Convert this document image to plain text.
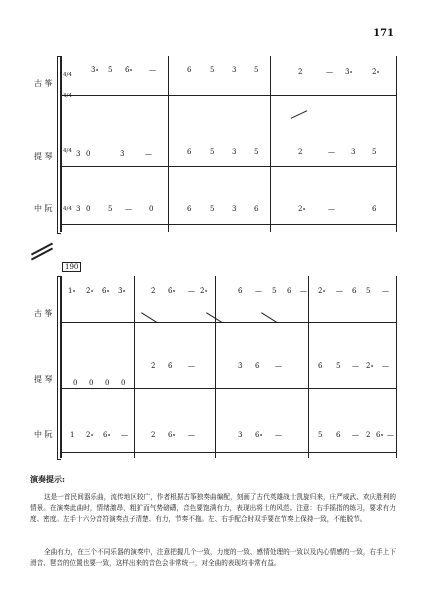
171
古 筝
提 琴
中 阮
4/4
4/4
4/4
4/4
3̇∘ 5̇ 6̇∘ —	6	5	3	5	2̇	— 3̇∘	2̇∘
3 0	3̇	—	6	5	3	5	2	— 3 5
3 0	5 — 0	6	5	3	6	2∘	—	6
190
古 筝
提 琴
中 阮
1∘ 2̇∘ 6̇∘ 3̇∘	2̇ 6̇∘ — 2̇∘	6̇ — 5 6 — 2̇∘ — 6 5 —
0 0 0 0
2̇ 6̇ —	3̇ 6̇ —	6̇ 5̇ — 2̇∘ —
1 2∘ 6∘ —	2 6∘ —	3 6∘ —	5 6 — 2 6∘ —
演奏提示:
这是一首民间器乐曲，流传地区较广，作者根据古筝独奏曲编配，刻画了古代英雄战士凯旋归来，庄严威武、欢庆胜利的情景。在演奏此曲时，情绪激昂，粗犷而气势磅礴，音色要饱满有力，表现出将士的风范。注意：右手摇指的练习，要求有力度、密度。左手十六分音符演奏点子清楚、有力，节奏不拖。左、右手配合时双手要在节奏上保持一致，不能脱节。
全曲有力，在三个不同乐器的演奏中，注意把握几个一致，力度的一致、感情处理的一致以及内心情感的一致，右手上下滑音、琶音的位置也要一致，这样出来的音色会非常统一，对全曲的表现均非常有益。
